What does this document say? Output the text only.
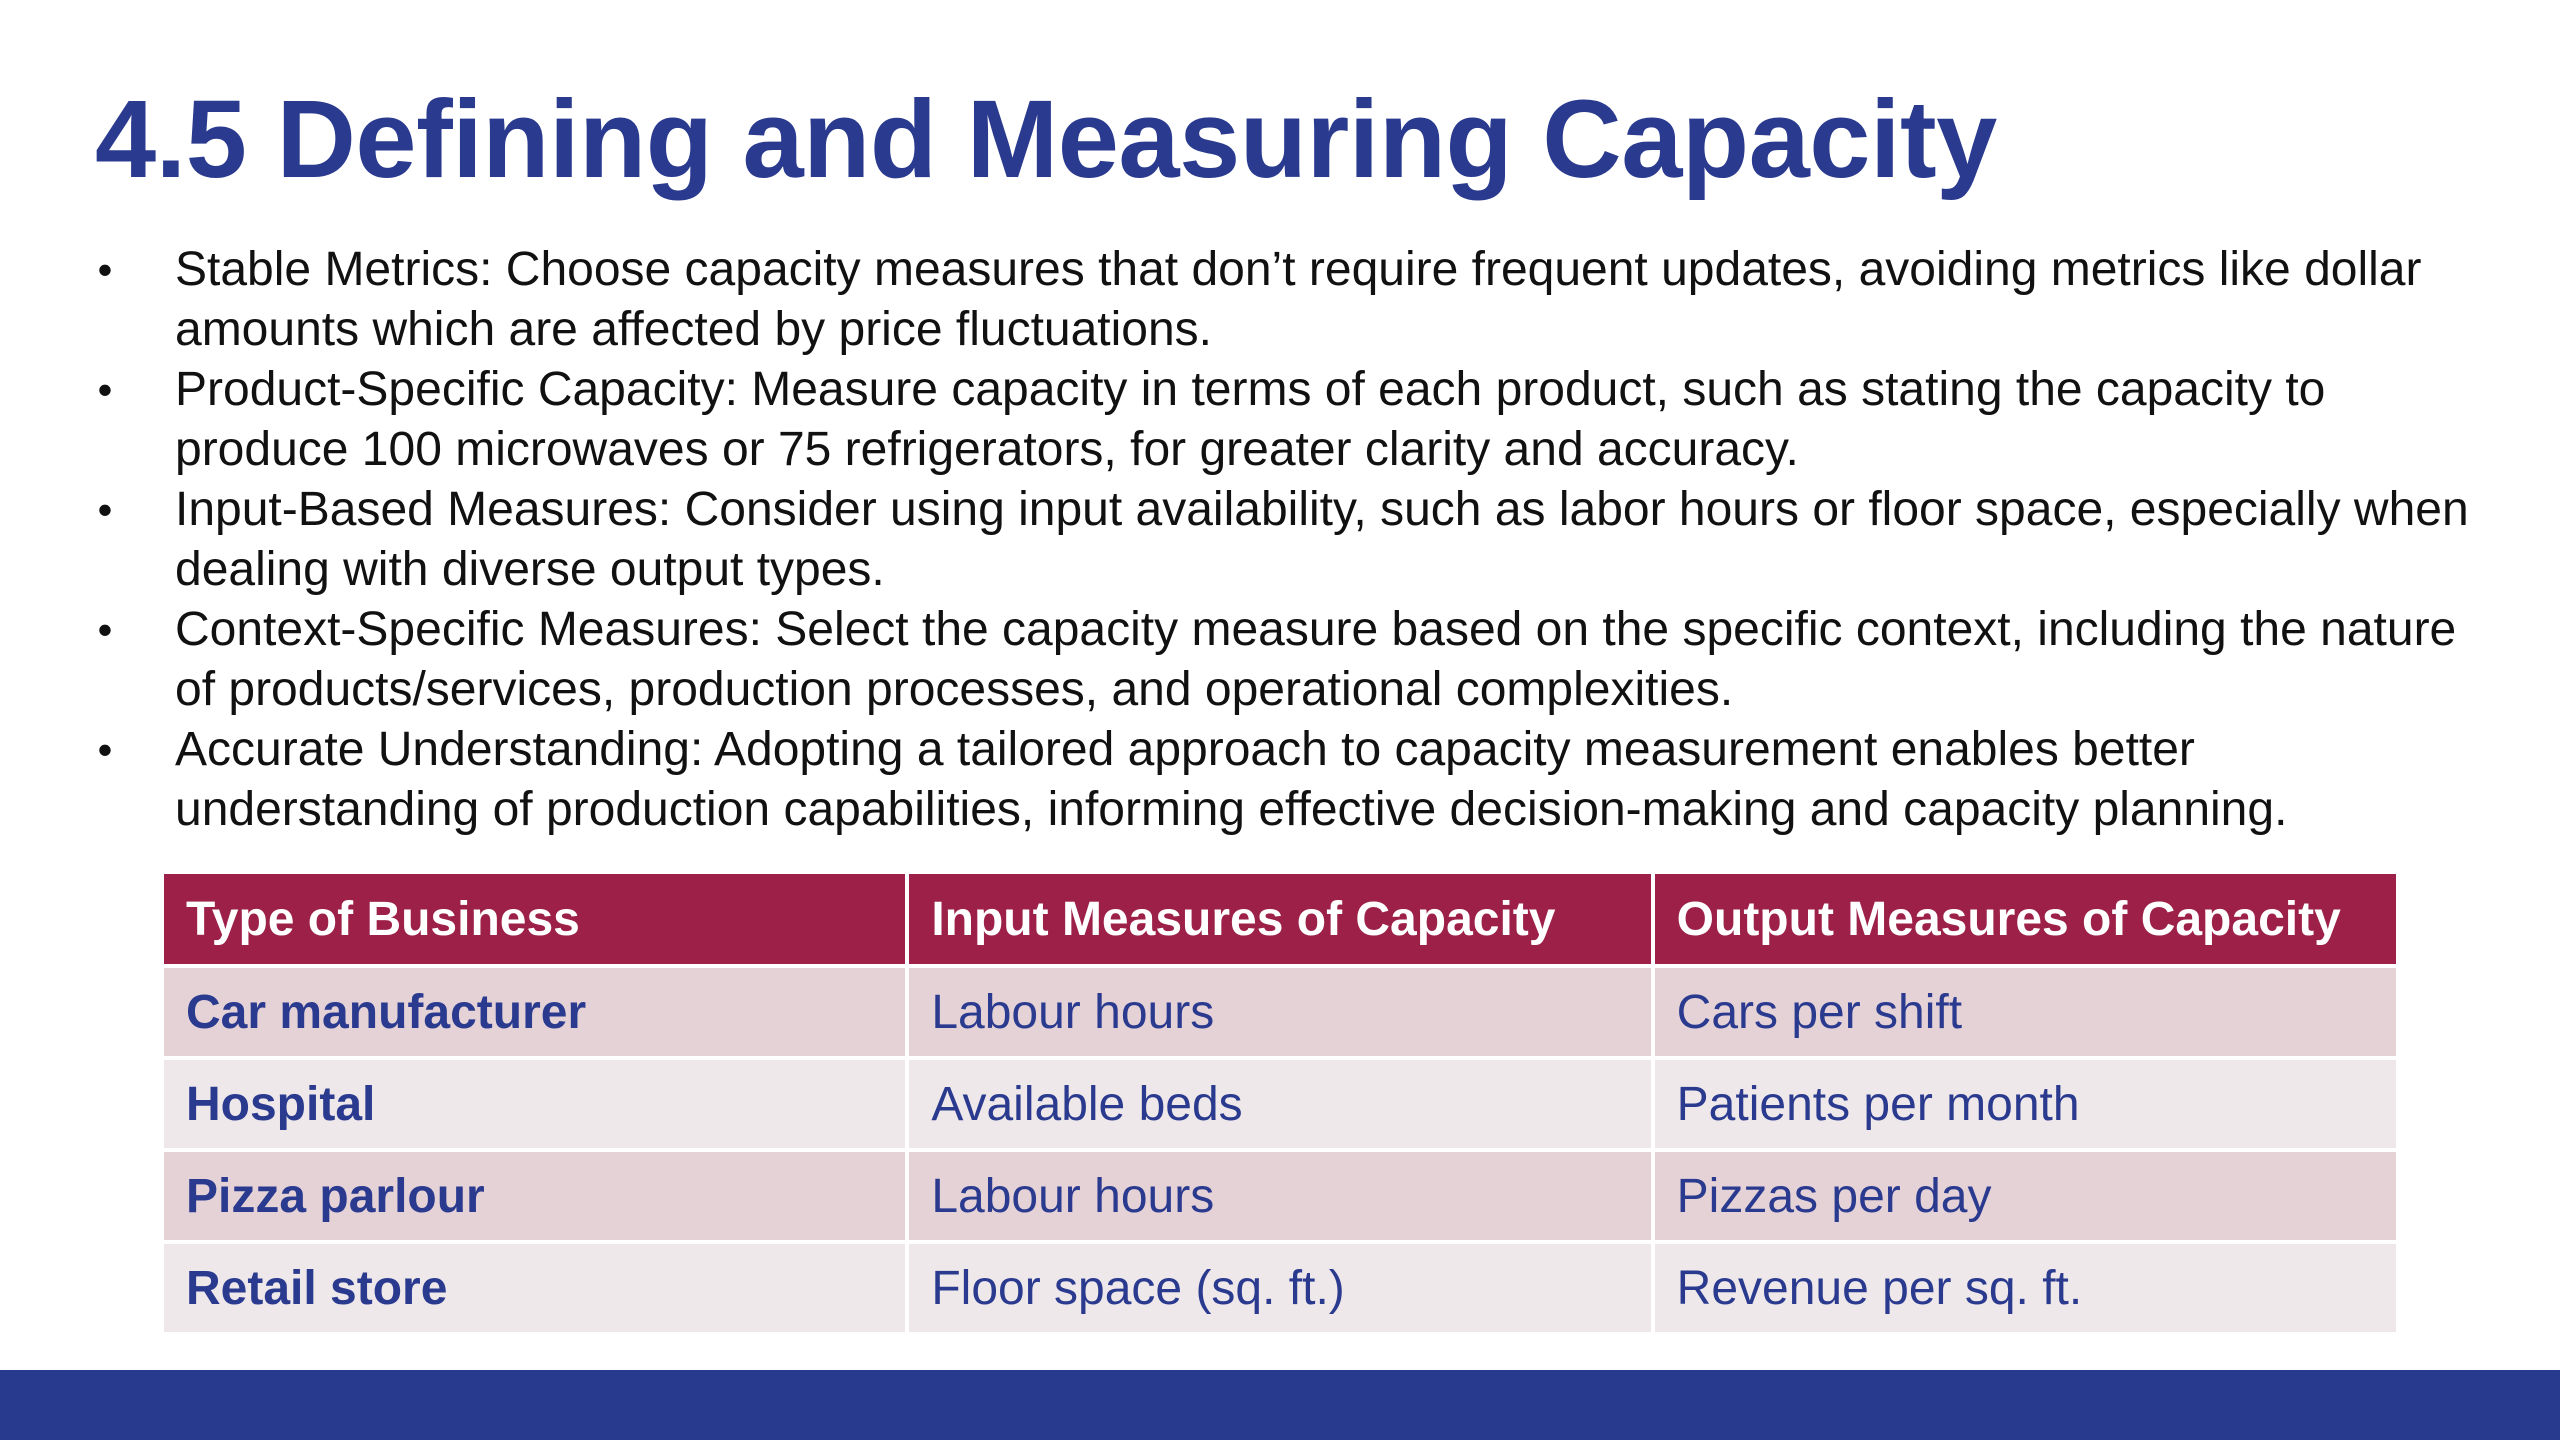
4.5 Defining and Measuring Capacity
• Stable Metrics: Choose capacity measures that don’t require frequent updates, avoiding metrics like dollar amounts which are affected by price fluctuations.
• Product-Specific Capacity: Measure capacity in terms of each product, such as stating the capacity to produce 100 microwaves or 75 refrigerators, for greater clarity and accuracy.
• Input-Based Measures: Consider using input availability, such as labor hours or floor space, especially when dealing with diverse output types.
• Context-Specific Measures: Select the capacity measure based on the specific context, including the nature of products/services, production processes, and operational complexities.
• Accurate Understanding: Adopting a tailored approach to capacity measurement enables better understanding of production capabilities, informing effective decision-making and capacity planning.
Type of Business	Input Measures of Capacity	Output Measures of Capacity
Car manufacturer	Labour hours	Cars per shift
Hospital	Available beds	Patients per month
Pizza parlour	Labour hours	Pizzas per day
Retail store	Floor space (sq. ft.)	Revenue per sq. ft.
